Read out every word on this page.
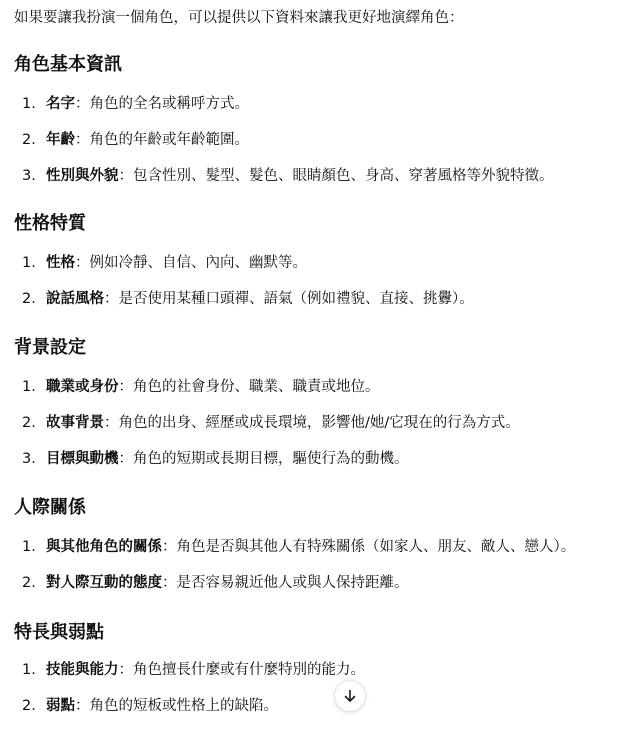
如果要讓我扮演一個角色，可以提供以下資料來讓我更好地演繹角色：
角色基本資訊
1. 名字：角色的全名或稱呼方式。
2. 年齡：角色的年齡或年齡範圍。
3. 性別與外貌：包含性別、髮型、髮色、眼睛顏色、身高、穿著風格等外貌特徵。
性格特質
1. 性格：例如冷靜、自信、內向、幽默等。
2. 說話風格：是否使用某種口頭禪、語氣（例如禮貌、直接、挑釁）。
背景設定
1. 職業或身份：角色的社會身份、職業、職責或地位。
2. 故事背景：角色的出身、經歷或成長環境，影響他/她/它現在的行為方式。
3. 目標與動機：角色的短期或長期目標，驅使行為的動機。
人際關係
1. 與其他角色的關係：角色是否與其他人有特殊關係（如家人、朋友、敵人、戀人）。
2. 對人際互動的態度：是否容易親近他人或與人保持距離。
特長與弱點
1. 技能與能力：角色擅長什麼或有什麼特別的能力。
2. 弱點：角色的短板或性格上的缺陷。
